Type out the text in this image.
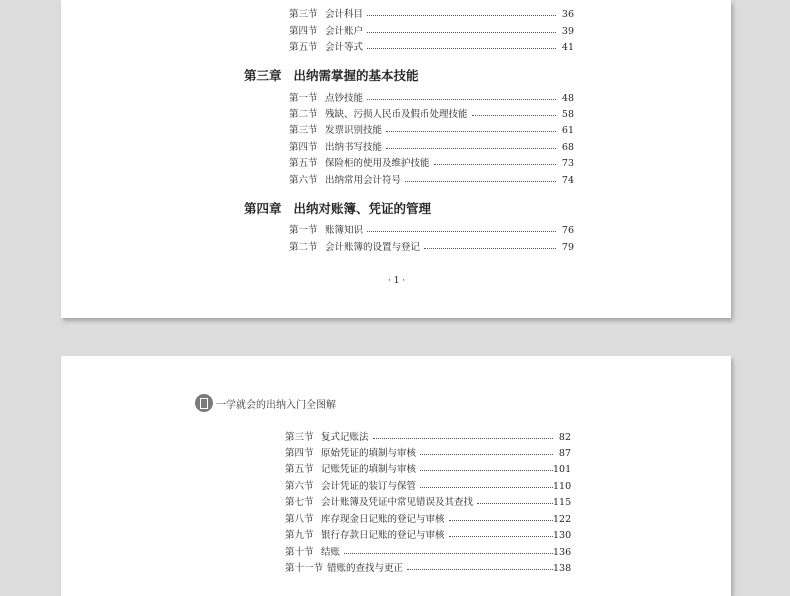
第三节 会计科目	36
第四节 会计账户	39
第五节 会计等式	41
第三章 出纳需掌握的基本技能
第一节 点钞技能	48
第二节 残缺、污损人民币及假币处理技能	58
第三节 发票识别技能	61
第四节 出纳书写技能	68
第五节 保险柜的使用及维护技能	73
第六节 出纳常用会计符号	74
第四章 出纳对账簿、凭证的管理
第一节 账簿知识	76
第二节 会计账簿的设置与登记	79
· 1 ·
一学就会的出纳入门全图解
第三节 复式记账法	82
第四节 原始凭证的填制与审核	87
第五节 记账凭证的填制与审核	101
第六节 会计凭证的装订与保管	110
第七节 会计账簿及凭证中常见错误及其查找	115
第八节 库存现金日记账的登记与审核	122
第九节 银行存款日记账的登记与审核	130
第十节 结账	136
第十一节 错账的查找与更正	138
